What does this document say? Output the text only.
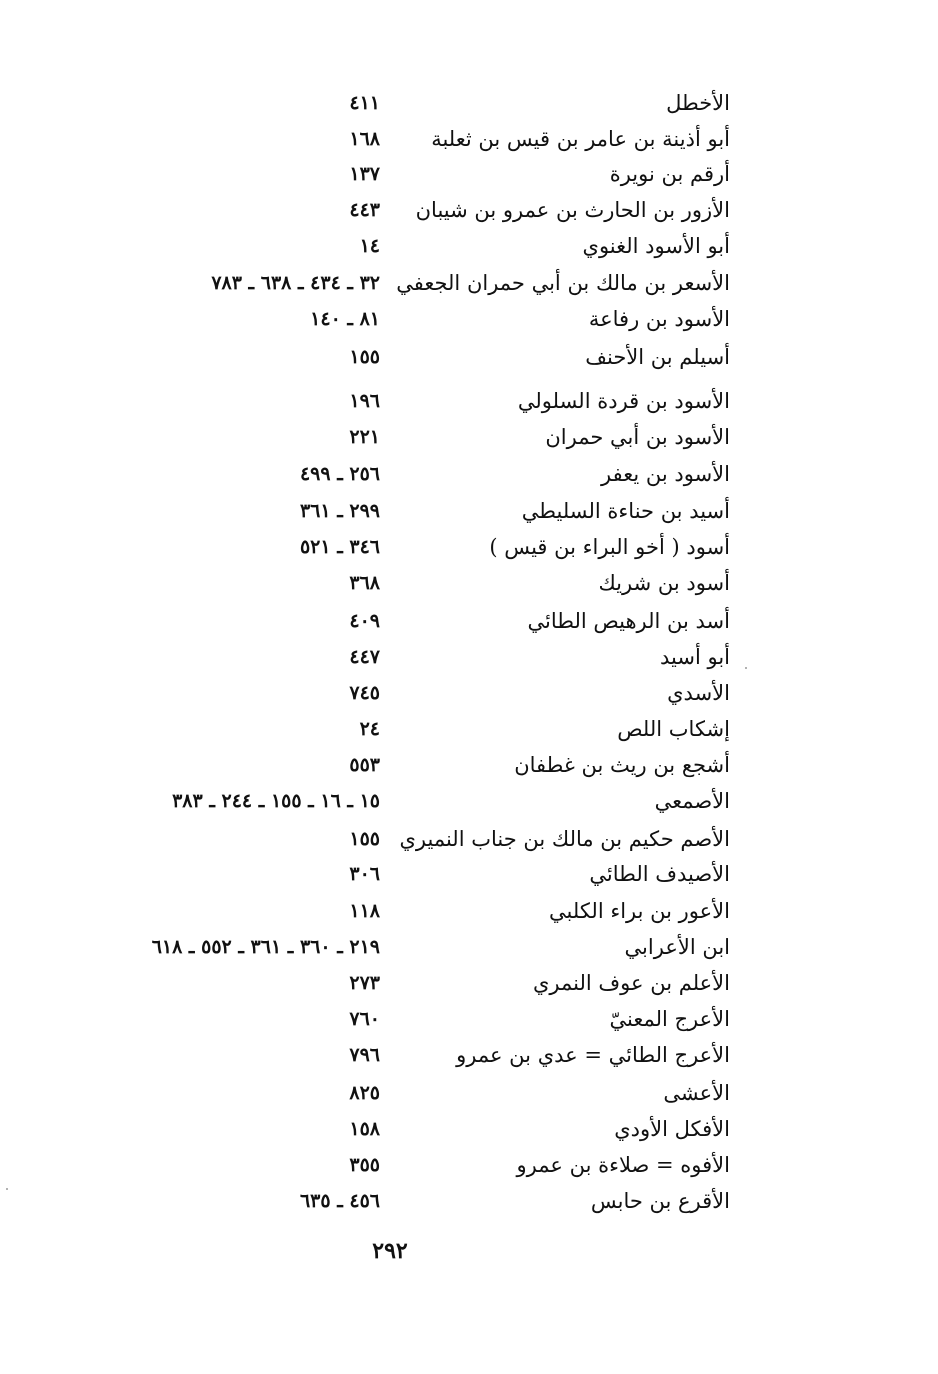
الأخطل
٤١١
أبو أذينة بن عامر بن قيس بن ثعلبة
١٦٨
أرقم بن نويرة
١٣٧
الأزور بن الحارث بن عمرو بن شيبان
٤٤٣
أبو الأسود الغنوي
١٤
الأسعر بن مالك بن أبي حمران الجعفي
٣٢ ـ ٤٣٤ ـ ٦٣٨ ـ ٧٨٣
الأسود بن رفاعة
٨١ ـ ١٤٠
أسيلم بن الأحنف
١٥٥
الأسود بن قردة السلولي
١٩٦
الأسود بن أبي حمران
٢٢١
الأسود بن يعفر
٢٥٦ ـ ٤٩٩
أسيد بن حناءة السليطي
٢٩٩ ـ ٣٦١
أسود ( أخو البراء بن قيس )
٣٤٦ ـ ٥٢١
أسود بن شريك
٣٦٨
أسد بن الرهيص الطائي
٤٠٩
أبو أسيد
٤٤٧
الأسدي
٧٤٥
إشكاب اللص
٢٤
أشجع بن ريث بن غطفان
٥٥٣
الأصمعي
١٥ ـ ١٦ ـ ١٥٥ ـ ٢٤٤ ـ ٣٨٣
الأصم حكيم بن مالك بن جناب النميري
١٥٥
الأصيدف الطائي
٣٠٦
الأعور بن براء الكلبي
١١٨
ابن الأعرابي
٢١٩ ـ ٣٦٠ ـ ٣٦١ ـ ٥٥٢ ـ ٦١٨
الأعلم بن عوف النمري
٢٧٣
الأعرج المعنيّ
٧٦٠
الأعرج الطائي = عدي بن عمرو
٧٩٦
الأعشى
٨٢٥
الأفكل الأودي
١٥٨
الأفوه = صلاءة بن عمرو
٣٥٥
الأقرع بن حابس
٤٥٦ ـ ٦٣٥
٢٩٢
